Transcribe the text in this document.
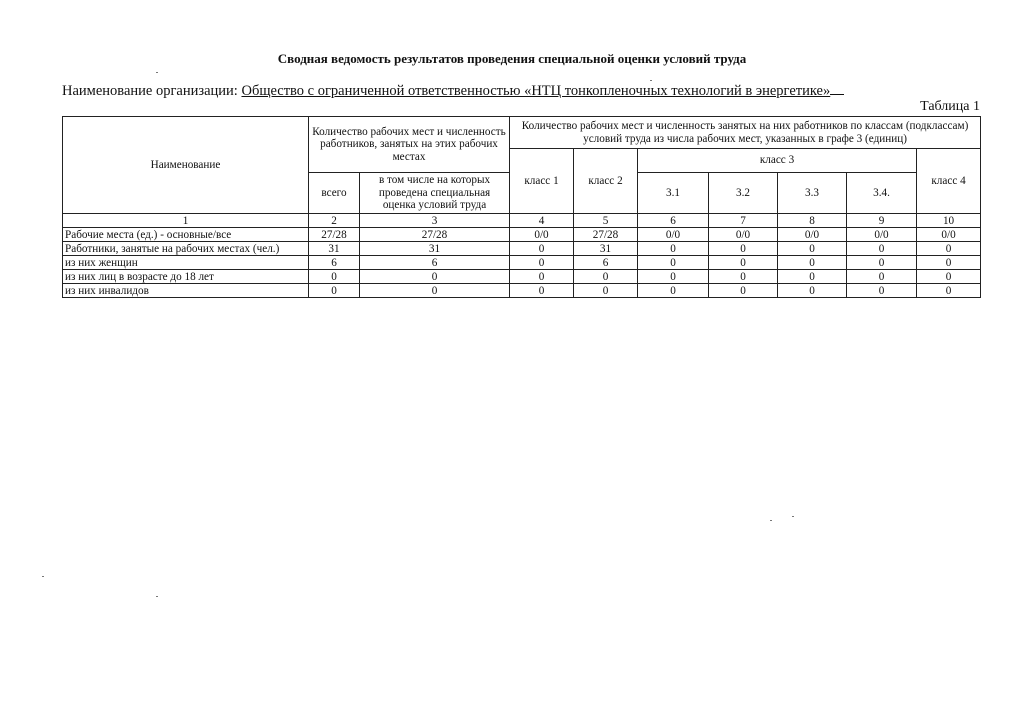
Сводная ведомость результатов проведения специальной оценки условий труда
Наименование организации: Общество с ограниченной ответственностью «НТЦ тонкопленочных технологий в энергетике»
Таблица 1
Наименование	Количество рабочих мест и численность работников, занятых на этих рабочих местах		Количество рабочих мест и численность занятых на них работников по классам (подклассам) условий труда из числа рабочих мест, указанных в графе 3 (единиц)						
			класс 1	класс 2	класс 3				класс 4
	всего	в том числе на которых проведена специальная оценка условий труда			3.1	3.2	3.3	3.4.	
1	2	3	4	5	6	7	8	9	10
Рабочие места (ед.) - основные/все	27/28	27/28	0/0	27/28	0/0	0/0	0/0	0/0	0/0
Работники, занятые на рабочих местах (чел.)	31	31	0	31	0	0	0	0	0
из них женщин	6	6	0	6	0	0	0	0	0
из них лиц в возрасте до 18 лет	0	0	0	0	0	0	0	0	0
из них инвалидов	0	0	0	0	0	0	0	0	0
